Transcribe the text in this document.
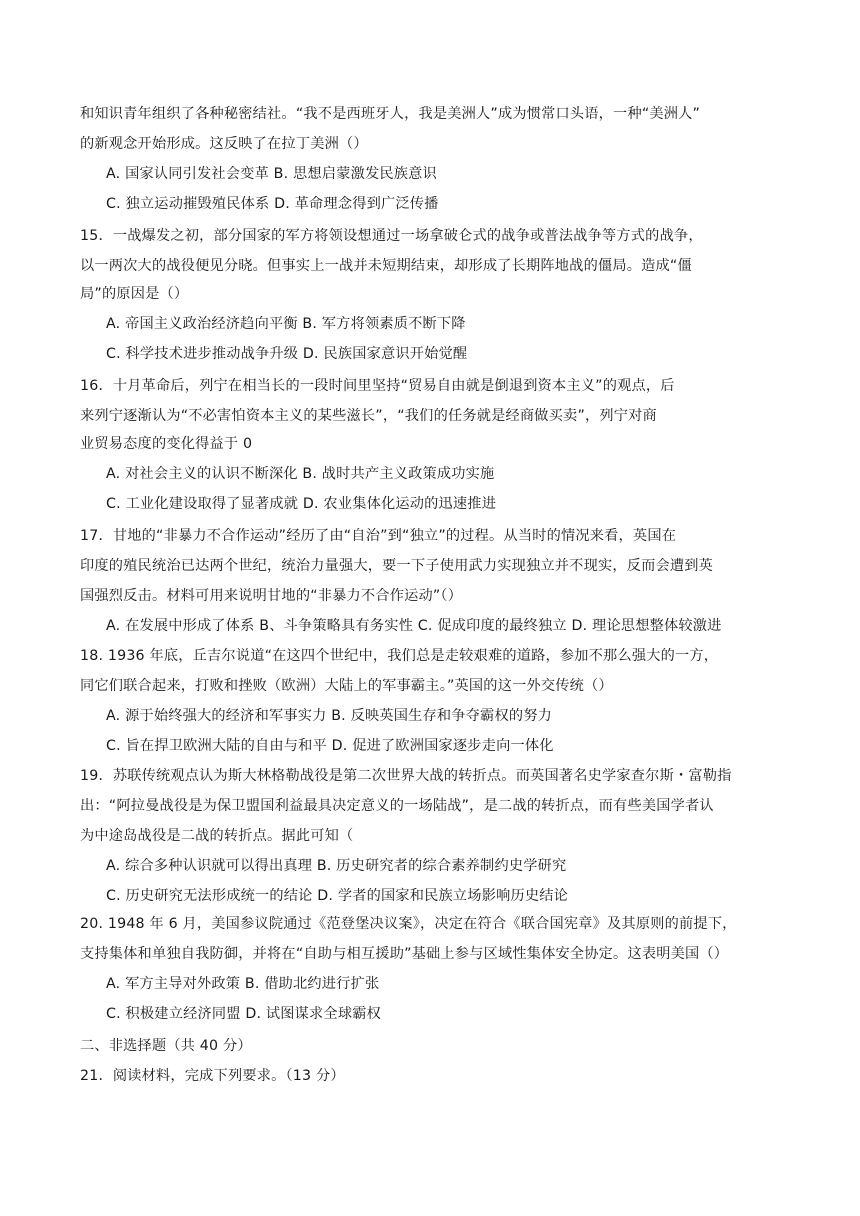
和知识青年组织了各种秘密结社。“我不是西班牙人，我是美洲人”成为惯常口头语，一种“美洲人”
的新观念开始形成。这反映了在拉丁美洲（）
A. 国家认同引发社会变革 B. 思想启蒙激发民族意识
C. 独立运动摧毁殖民体系 D. 革命理念得到广泛传播
15．一战爆发之初，部分国家的军方将领设想通过一场拿破仑式的战争或普法战争等方式的战争，
以一两次大的战役便见分晓。但事实上一战并未短期结束，却形成了长期阵地战的僵局。造成“僵
局”的原因是（）
A. 帝国主义政治经济趋向平衡 B. 军方将领素质不断下降
C. 科学技术进步推动战争升级 D. 民族国家意识开始觉醒
16．十月革命后，列宁在相当长的一段时间里坚持“贸易自由就是倒退到资本主义”的观点，后
来列宁逐渐认为“不必害怕资本主义的某些滋长”，“我们的任务就是经商做买卖”，列宁对商
业贸易态度的变化得益于 0
A. 对社会主义的认识不断深化 B. 战时共产主义政策成功实施
C. 工业化建设取得了显著成就 D. 农业集体化运动的迅速推进
17．甘地的“非暴力不合作运动”经历了由“自治”到“独立”的过程。从当时的情况来看，英国在
印度的殖民统治已达两个世纪，统治力量强大，要一下子使用武力实现独立并不现实，反而会遭到英
国强烈反击。材料可用来说明甘地的“非暴力不合作运动”（）
A. 在发展中形成了体系 B、斗争策略具有务实性 C. 促成印度的最终独立 D. 理论思想整体较激进
18. 1936 年底，丘吉尔说道“在这四个世纪中，我们总是走较艰难的道路，参加不那么强大的一方，
同它们联合起来，打败和挫败（欧洲）大陆上的军事霸主。”英国的这一外交传统（）
A. 源于始终强大的经济和军事实力 B. 反映英国生存和争夺霸权的努力
C. 旨在捍卫欧洲大陆的自由与和平 D. 促进了欧洲国家逐步走向一体化
19．苏联传统观点认为斯大林格勒战役是第二次世界大战的转折点。而英国著名史学家查尔斯・富勒指
出：“阿拉曼战役是为保卫盟国利益最具决定意义的一场陆战”，是二战的转折点，而有些美国学者认
为中途岛战役是二战的转折点。据此可知（
A. 综合多种认识就可以得出真理 B. 历史研究者的综合素养制约史学研究
C. 历史研究无法形成统一的结论 D. 学者的国家和民族立场影响历史结论
20. 1948 年 6 月，美国参议院通过《范登堡决议案》，决定在符合《联合国宪章》及其原则的前提下，
支持集体和单独自我防御，并将在“自助与相互援助”基础上参与区域性集体安全协定。这表明美国（）
A. 军方主导对外政策 B. 借助北约进行扩张
C. 积极建立经济同盟 D. 试图谋求全球霸权
二、非选择题（共 40 分）
21．阅读材料，完成下列要求。（13 分）
